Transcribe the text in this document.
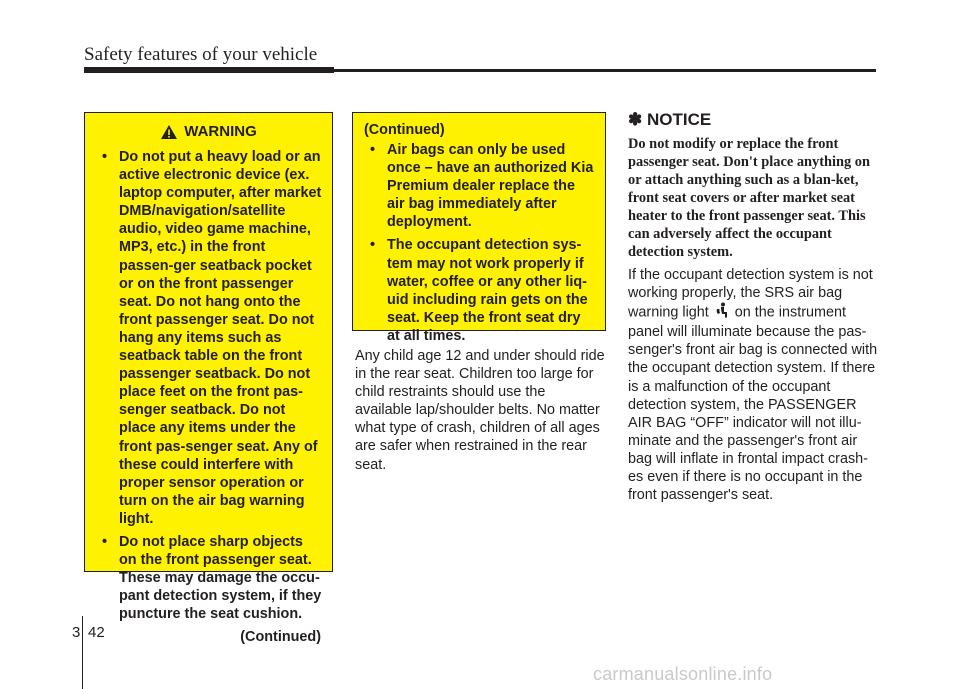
Safety features of your vehicle
WARNING
• Do not put a heavy load or an active electronic device (ex. laptop computer, after market DMB/navigation/satellite audio, video game machine, MP3, etc.) in the front passen-ger seatback pocket or on the front passenger seat. Do not hang onto the front passenger seat. Do not hang any items such as seatback table on the front passenger seatback. Do not place feet on the front pas-senger seatback. Do not place any items under the front pas-senger seat. Any of these could interfere with proper sensor operation or turn on the air bag warning light.
• Do not place sharp objects on the front passenger seat. These may damage the occu-pant detection system, if they puncture the seat cushion.
(Continued)
(Continued)
• Air bags can only be used once – have an authorized Kia Premium dealer replace the air bag immediately after deployment.
• The occupant detection sys-tem may not work properly if water, coffee or any other liq-uid including rain gets on the seat. Keep the front seat dry at all times.
Any child age 12 and under should ride in the rear seat. Children too large for child restraints should use the available lap/shoulder belts. No matter what type of crash, children of all ages are safer when restrained in the rear seat.
✽ NOTICE
Do not modify or replace the front passenger seat. Don't place anything on or attach anything such as a blan-ket, front seat covers or after market seat heater to the front passenger seat. This can adversely affect the occupant detection system.
If the occupant detection system is not working properly, the SRS air bag warning light on the instrument panel will illuminate because the pas-senger's front air bag is connected with the occupant detection system. If there is a malfunction of the occupant detection system, the PASSENGER AIR BAG “OFF” indicator will not illu-minate and the passenger's front air bag will inflate in frontal impact crash-es even if there is no occupant in the front passenger's seat.
3 42
carmanualsonline.info
